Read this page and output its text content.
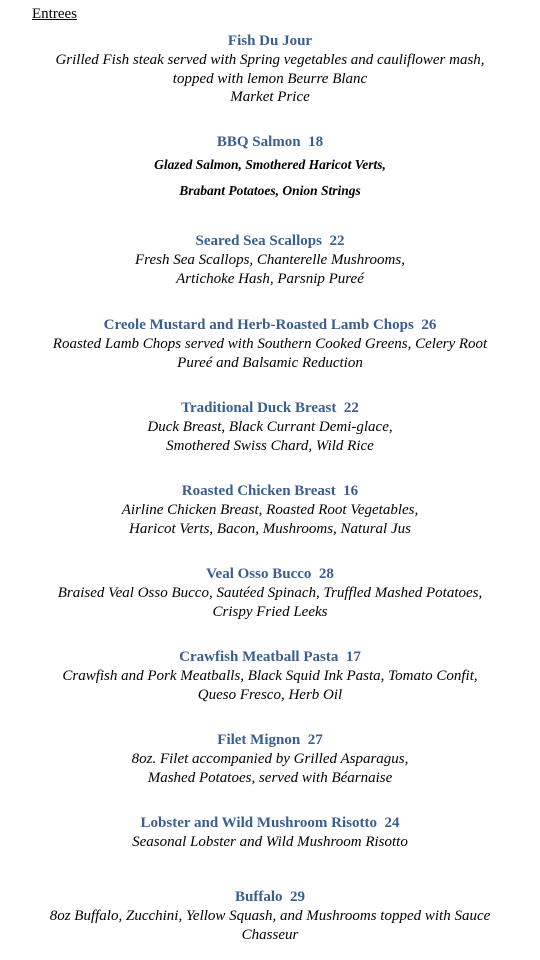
Entrees
Fish Du Jour
Grilled Fish steak served with Spring vegetables and cauliflower mash,
topped with lemon Beurre Blanc
Market Price
BBQ Salmon  18
Glazed Salmon, Smothered Haricot Verts,
Brabant Potatoes, Onion Strings
Seared Sea Scallops  22
Fresh Sea Scallops, Chanterelle Mushrooms,
Artichoke Hash, Parsnip Pureé
Creole Mustard and Herb-Roasted Lamb Chops  26
Roasted Lamb Chops served with Southern Cooked Greens, Celery Root
Pureé and Balsamic Reduction
Traditional Duck Breast  22
Duck Breast, Black Currant Demi-glace,
Smothered Swiss Chard, Wild Rice
Roasted Chicken Breast  16
Airline Chicken Breast, Roasted Root Vegetables,
Haricot Verts, Bacon, Mushrooms, Natural Jus
Veal Osso Bucco  28
Braised Veal Osso Bucco, Sautéed Spinach, Truffled Mashed Potatoes,
Crispy Fried Leeks
Crawfish Meatball Pasta  17
Crawfish and Pork Meatballs, Black Squid Ink Pasta, Tomato Confit,
Queso Fresco, Herb Oil
Filet Mignon  27
8oz. Filet accompanied by Grilled Asparagus,
Mashed Potatoes, served with Béarnaise
Lobster and Wild Mushroom Risotto  24
Seasonal Lobster and Wild Mushroom Risotto
Buffalo  29
8oz Buffalo, Zucchini, Yellow Squash, and Mushrooms topped with Sauce
Chasseur
